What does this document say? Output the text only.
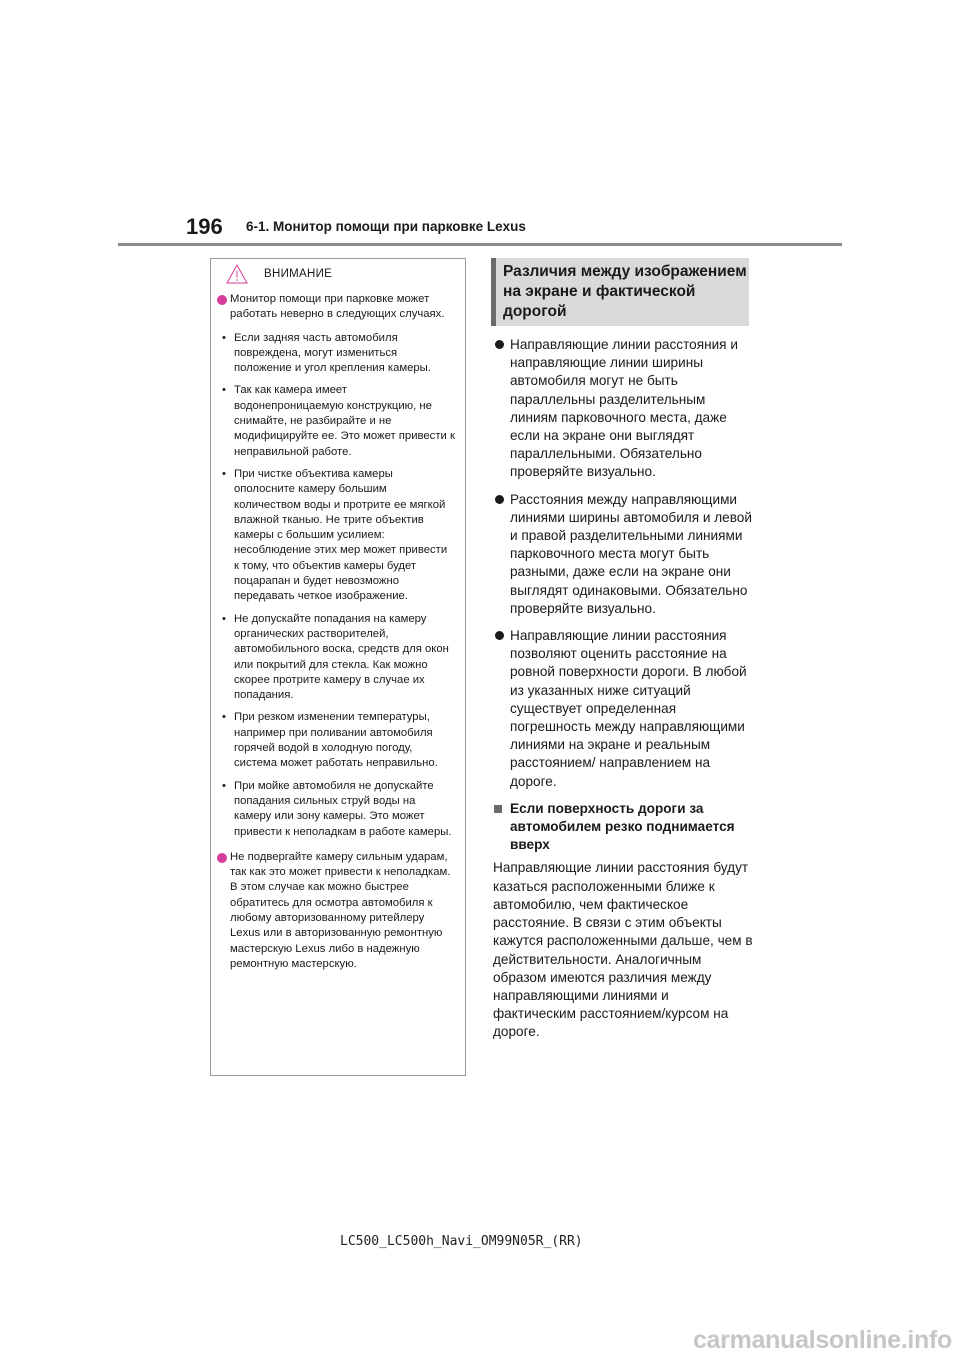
196 6-1. Монитор помощи при парковке Lexus
ВНИМАНИЕ
Монитор помощи при парковке может работать неверно в следующих случаях.
• Если задняя часть автомобиля повреждена, могут измениться положение и угол крепления камеры.
• Так как камера имеет водонепроницаемую конструкцию, не снимайте, не разбирайте и не модифицируйте ее. Это может привести к неправильной работе.
• При чистке объектива камеры ополосните камеру большим количеством воды и протрите ее мягкой влажной тканью. Не трите объектив камеры с большим усилием: несоблюдение этих мер может привести к тому, что объектив камеры будет поцарапан и будет невозможно передавать четкое изображение.
• Не допускайте попадания на камеру органических растворителей, автомобильного воска, средств для окон или покрытий для стекла. Как можно скорее протрите камеру в случае их попадания.
• При резком изменении температуры, например при поливании автомобиля горячей водой в холодную погоду, система может работать неправильно.
• При мойке автомобиля не допускайте попадания сильных струй воды на камеру или зону камеры. Это может привести к неполадкам в работе камеры.
Не подвергайте камеру сильным ударам, так как это может привести к неполадкам. В этом случае как можно быстрее обратитесь для осмотра автомобиля к любому авторизованному ритейлеру Lexus или в авторизованную ремонтную мастерскую Lexus либо в надежную ремонтную мастерскую.
Различия между изображением на экране и фактической дорогой
Направляющие линии расстояния и направляющие линии ширины автомобиля могут не быть параллельны разделительным линиям парковочного места, даже если на экране они выглядят параллельными. Обязательно проверяйте визуально.
Расстояния между направляющими линиями ширины автомобиля и левой и правой разделительными линиями парковочного места могут быть разными, даже если на экране они выглядят одинаковыми. Обязательно проверяйте визуально.
Направляющие линии расстояния позволяют оценить расстояние на ровной поверхности дороги. В любой из указанных ниже ситуаций существует определенная погрешность между направляющими линиями на экране и реальным расстоянием/ направлением на дороге.
Если поверхность дороги за автомобилем резко поднимается вверх

Направляющие линии расстояния будут казаться расположенными ближе к автомобилю, чем фактическое расстояние. В связи с этим объекты кажутся расположенными дальше, чем в действительности. Аналогичным образом имеются различия между направляющими линиями и фактическим расстоянием/курсом на дороге.

LC500_LC500h_Navi_OM99N05R_(RR)
carmanualsonline.info
